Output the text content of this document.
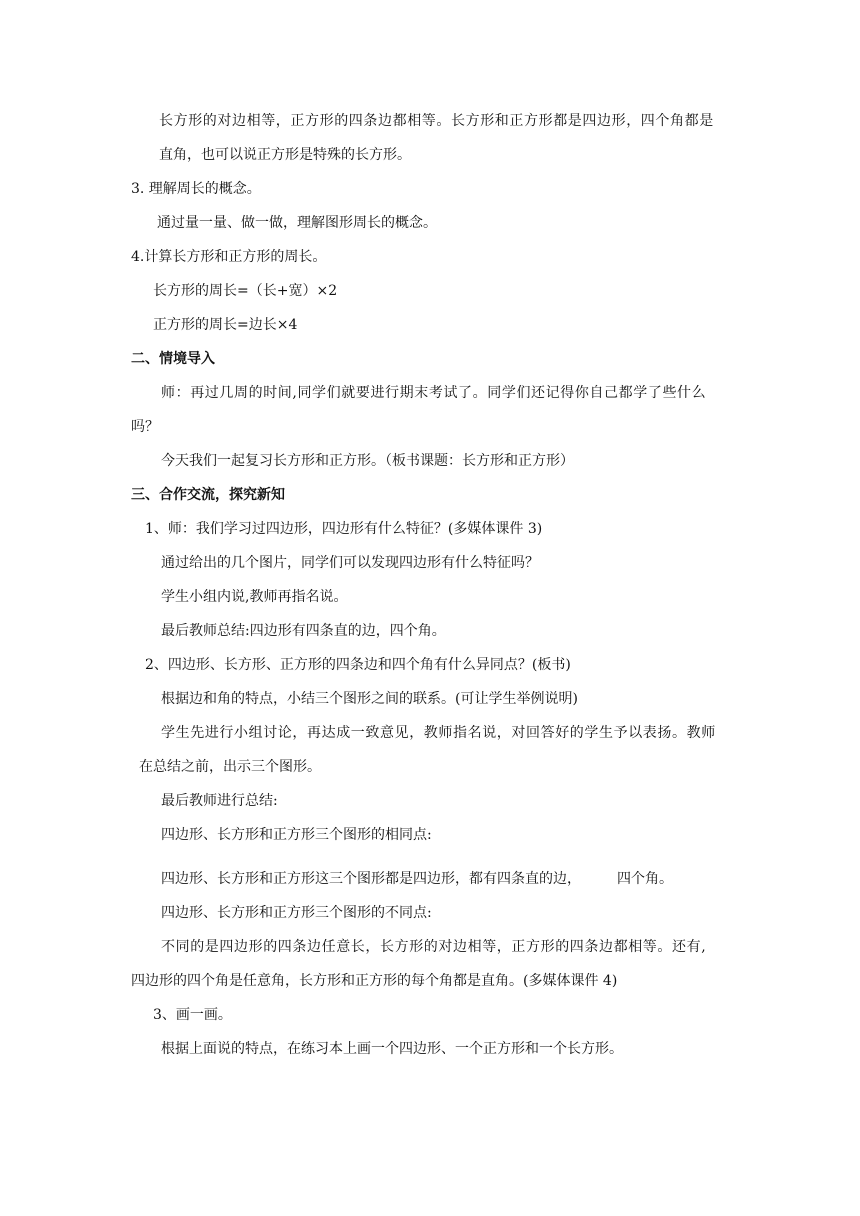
长方形的对边相等，正方形的四条边都相等。长方形和正方形都是四边形，四个角都是
直角，也可以说正方形是特殊的长方形。
3. 理解周长的概念。
通过量一量、做一做，理解图形周长的概念。
4.计算长方形和正方形的周长。
长方形的周长=（长+宽）×2
正方形的周长=边长×4
二、情境导入
师：再过几周的时间,同学们就要进行期末考试了。同学们还记得你自己都学了些什么
吗？
今天我们一起复习长方形和正方形。（板书课题：长方形和正方形）
三、合作交流，探究新知
1、师：我们学习过四边形，四边形有什么特征？(多媒体课件 3)
通过给出的几个图片，同学们可以发现四边形有什么特征吗？
学生小组内说,教师再指名说。
最后教师总结:四边形有四条直的边，四个角。
2、四边形、长方形、正方形的四条边和四个角有什么异同点？(板书)
根据边和角的特点，小结三个图形之间的联系。(可让学生举例说明)
学生先进行小组讨论，再达成一致意见，教师指名说，对回答好的学生予以表扬。教师
在总结之前，出示三个图形。
最后教师进行总结:
四边形、长方形和正方形三个图形的相同点:
四边形、长方形和正方形这三个图形都是四边形，都有四条直的边，	四个角。
四边形、长方形和正方形三个图形的不同点:
不同的是四边形的四条边任意长，长方形的对边相等，正方形的四条边都相等。还有,
四边形的四个角是任意角，长方形和正方形的每个角都是直角。(多媒体课件 4)
3、画一画。
根据上面说的特点，在练习本上画一个四边形、一个正方形和一个长方形。
